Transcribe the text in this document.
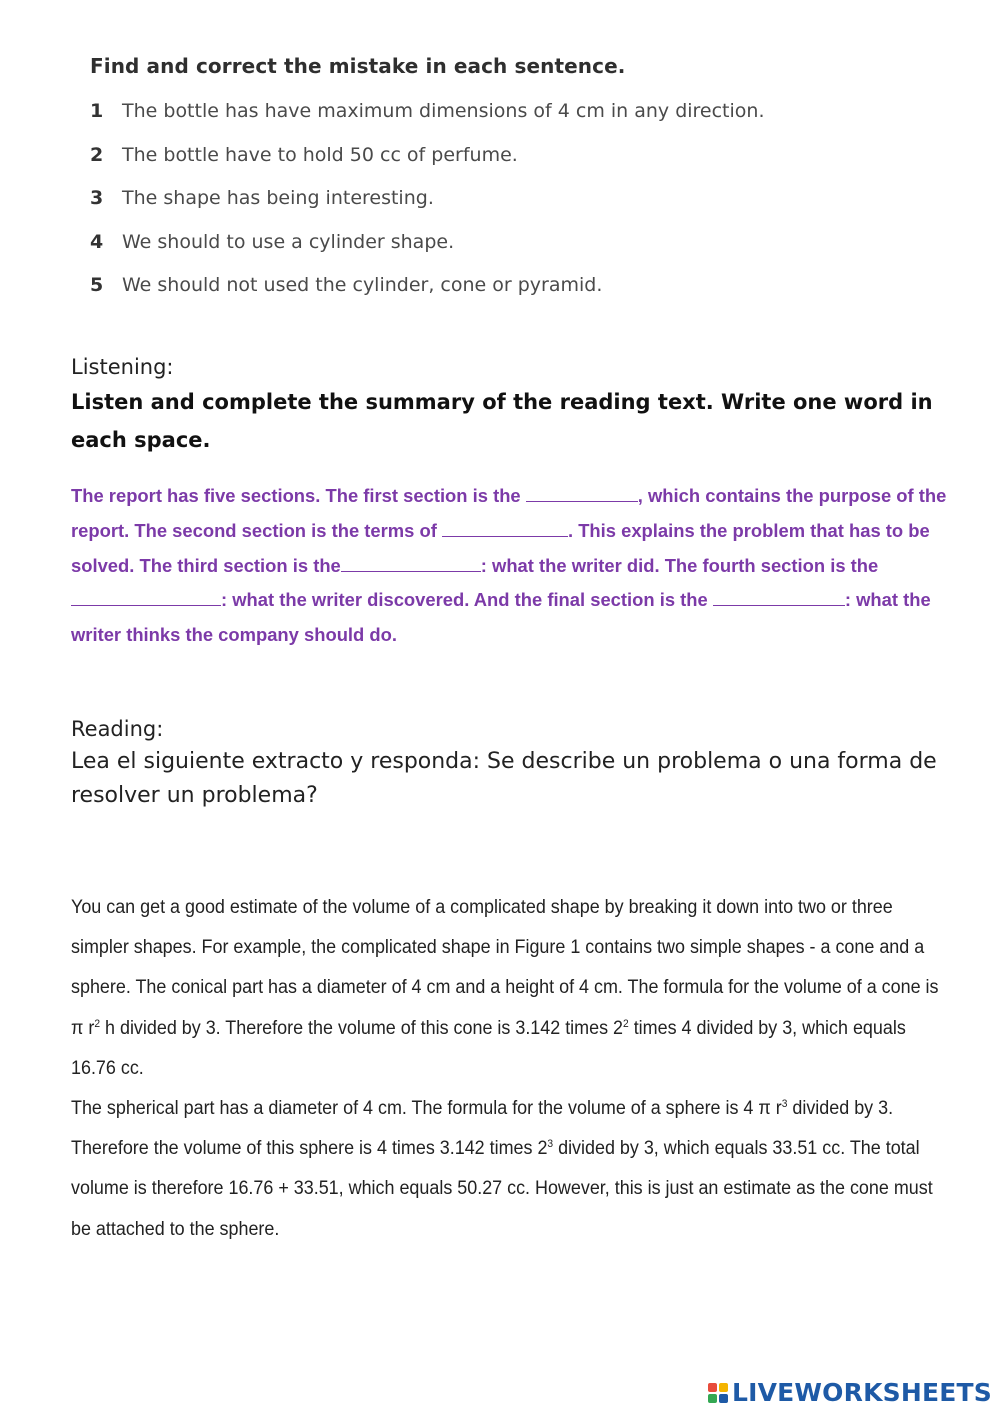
Find and correct the mistake in each sentence.
1 The bottle has have maximum dimensions of 4 cm in any direction.
2 The bottle have to hold 50 cc of perfume.
3 The shape has being interesting.
4 We should to use a cylinder shape.
5 We should not used the cylinder, cone or pyramid.
Listening:
Listen and complete the summary of the reading text. Write one word in each space.
The report has five sections. The first section is the	, which contains the purpose of the report. The second section is the terms of	. This explains the problem that has to be solved. The third section is the	: what the writer did. The fourth section is the : what the writer discovered. And the final section is the	: what the writer thinks the company should do.
Reading:
Lea el siguiente extracto y responda: Se describe un problema o una forma de resolver un problema?
You can get a good estimate of the volume of a complicated shape by breaking it down into two or three simpler shapes. For example, the complicated shape in Figure 1 contains two simple shapes - a cone and a sphere. The conical part has a diameter of 4 cm and a height of 4 cm. The formula for the volume of a cone is π $r^2$ h divided by 3. Therefore the volume of this cone is 3.142 times $2^2$ times 4 divided by 3, which equals 16.76 cc.
The spherical part has a diameter of 4 cm. The formula for the volume of a sphere is 4 π $r^3$ divided by 3. Therefore the volume of this sphere is 4 times 3.142 times $2^3$ divided by 3, which equals 33.51 cc. The total volume is therefore 16.76 + 33.51, which equals 50.27 cc. However, this is just an estimate as the cone must be attached to the sphere.
LIVEWORKSHEETS
